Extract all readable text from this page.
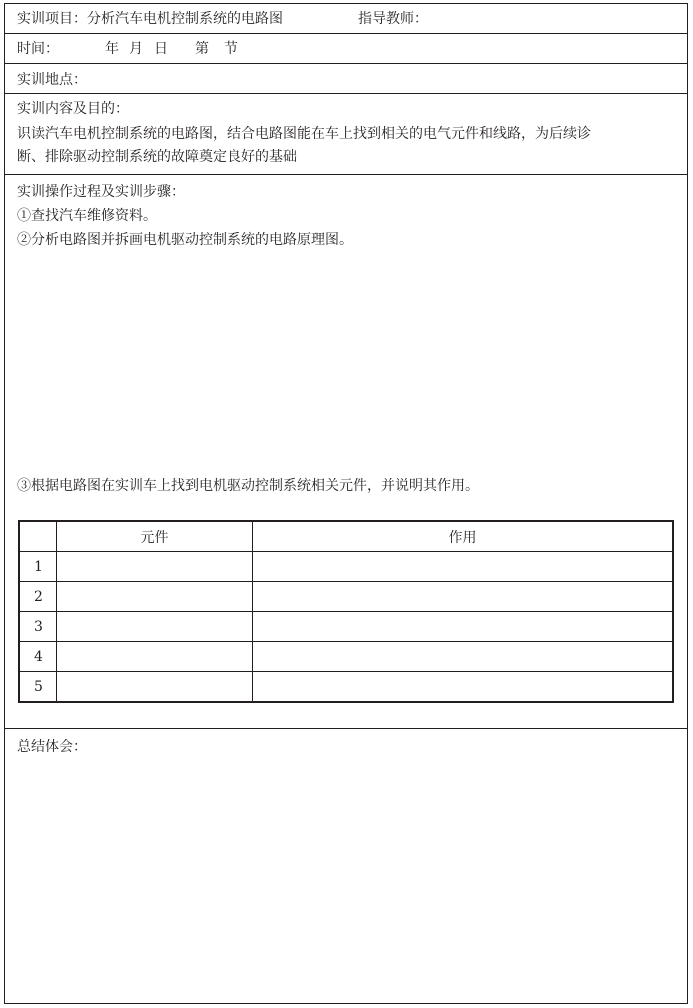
实训项目：分析汽车电机控制系统的电路图	指导教师：
时间：	年 月 日 第 节
实训地点：
实训内容及目的：
识读汽车电机控制系统的电路图，结合电路图能在车上找到相关的电气元件和线路，为后续诊
断、排除驱动控制系统的故障奠定良好的基础
实训操作过程及实训步骤：
①查找汽车维修资料。
②分析电路图并拆画电机驱动控制系统的电路原理图。
③根据电路图在实训车上找到电机驱动控制系统相关元件，并说明其作用。
	元件	作用
1		
2		
3		
4		
5		
总结体会：
